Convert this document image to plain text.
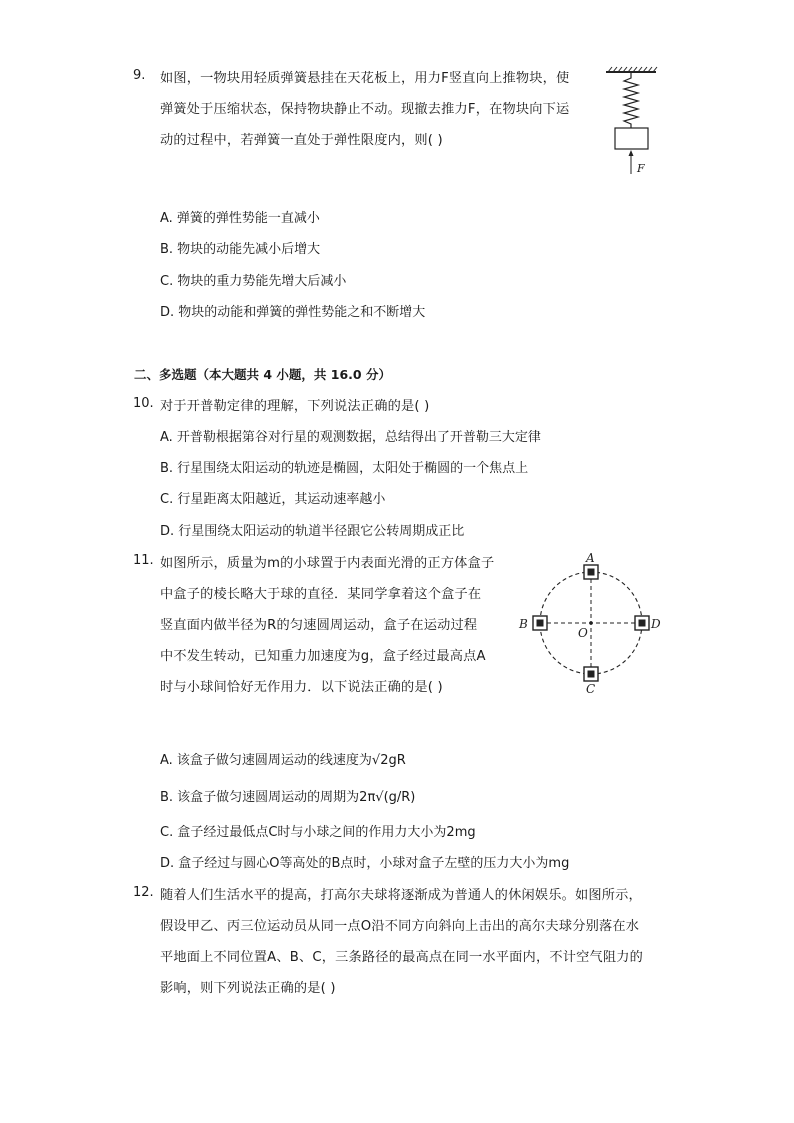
9. 如图，一物块用轻质弹簧悬挂在天花板上，用力F竖直向上推物块，使
弹簧处于压缩状态，保持物块静止不动。现撤去推力F，在物块向下运
动的过程中，若弹簧一直处于弹性限度内，则( )
F
A. 弹簧的弹性势能一直减小
B. 物块的动能先减小后增大
C. 物块的重力势能先增大后减小
D. 物块的动能和弹簧的弹性势能之和不断增大
二、多选题（本大题共 4 小题，共 16.0 分）
10. 对于开普勒定律的理解，下列说法正确的是( )
A. 开普勒根据第谷对行星的观测数据，总结得出了开普勒三大定律
B. 行星围绕太阳运动的轨迹是椭圆，太阳处于椭圆的一个焦点上
C. 行星距离太阳越近，其运动速率越小
D. 行星围绕太阳运动的轨道半径跟它公转周期成正比
11. 如图所示，质量为m的小球置于内表面光滑的正方体盒子
中盒子的棱长略大于球的直径．某同学拿着这个盒子在
竖直面内做半径为R的匀速圆周运动，盒子在运动过程
中不发生转动，已知重力加速度为g，盒子经过最高点A
时与小球间恰好无作用力．以下说法正确的是( )
A
C
B	D
O
A. 该盒子做匀速圆周运动的线速度为√2gR
B. 该盒子做匀速圆周运动的周期为2π√(g/R)
C. 盒子经过最低点C时与小球之间的作用力大小为2mg
D. 盒子经过与圆心O等高处的B点时，小球对盒子左壁的压力大小为mg
12. 随着人们生活水平的提高，打高尔夫球将逐渐成为普通人的休闲娱乐。如图所示，
假设甲乙、丙三位运动员从同一点O沿不同方向斜向上击出的高尔夫球分别落在水
平地面上不同位置A、B、C，三条路径的最高点在同一水平面内，不计空气阻力的
影响，则下列说法正确的是( )
